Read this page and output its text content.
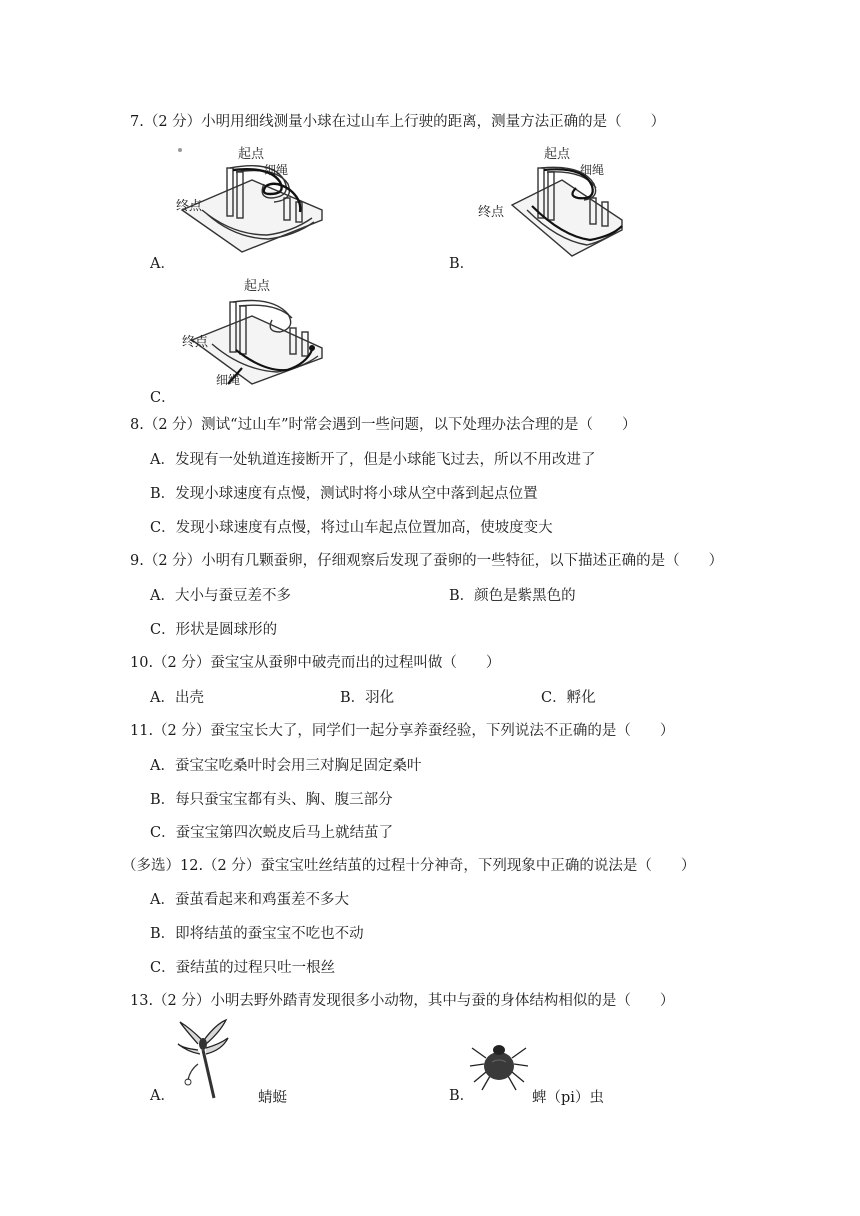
7.（2 分）小明用细线测量小球在过山车上行驶的距离，测量方法正确的是（　　）
A．
起点
细绳
终点
B．
起点
细绳
终点
C．
起点
终点
细绳
8.（2 分）测试“过山车”时常会遇到一些问题，以下处理办法合理的是（　　）
A．发现有一处轨道连接断开了，但是小球能飞过去，所以不用改进了
B．发现小球速度有点慢，测试时将小球从空中落到起点位置
C．发现小球速度有点慢，将过山车起点位置加高，使坡度变大
9.（2 分）小明有几颗蚕卵，仔细观察后发现了蚕卵的一些特征，以下描述正确的是（　　）
A．大小与蚕豆差不多	B．颜色是紫黑色的
C．形状是圆球形的
10.（2 分）蚕宝宝从蚕卵中破壳而出的过程叫做（　　）
A．出壳	B．羽化	C．孵化
11.（2 分）蚕宝宝长大了，同学们一起分享养蚕经验，下列说法不正确的是（　　）
A．蚕宝宝吃桑叶时会用三对胸足固定桑叶
B．每只蚕宝宝都有头、胸、腹三部分
C．蚕宝宝第四次蜕皮后马上就结茧了
（多选）12.（2 分）蚕宝宝吐丝结茧的过程十分神奇，下列现象中正确的说法是（　　）
A．蚕茧看起来和鸡蛋差不多大
B．即将结茧的蚕宝宝不吃也不动
C．蚕结茧的过程只吐一根丝
13.（2 分）小明去野外踏青发现很多小动物，其中与蚕的身体结构相似的是（　　）
A．	蜻蜓	B．	蜱（pi）虫
